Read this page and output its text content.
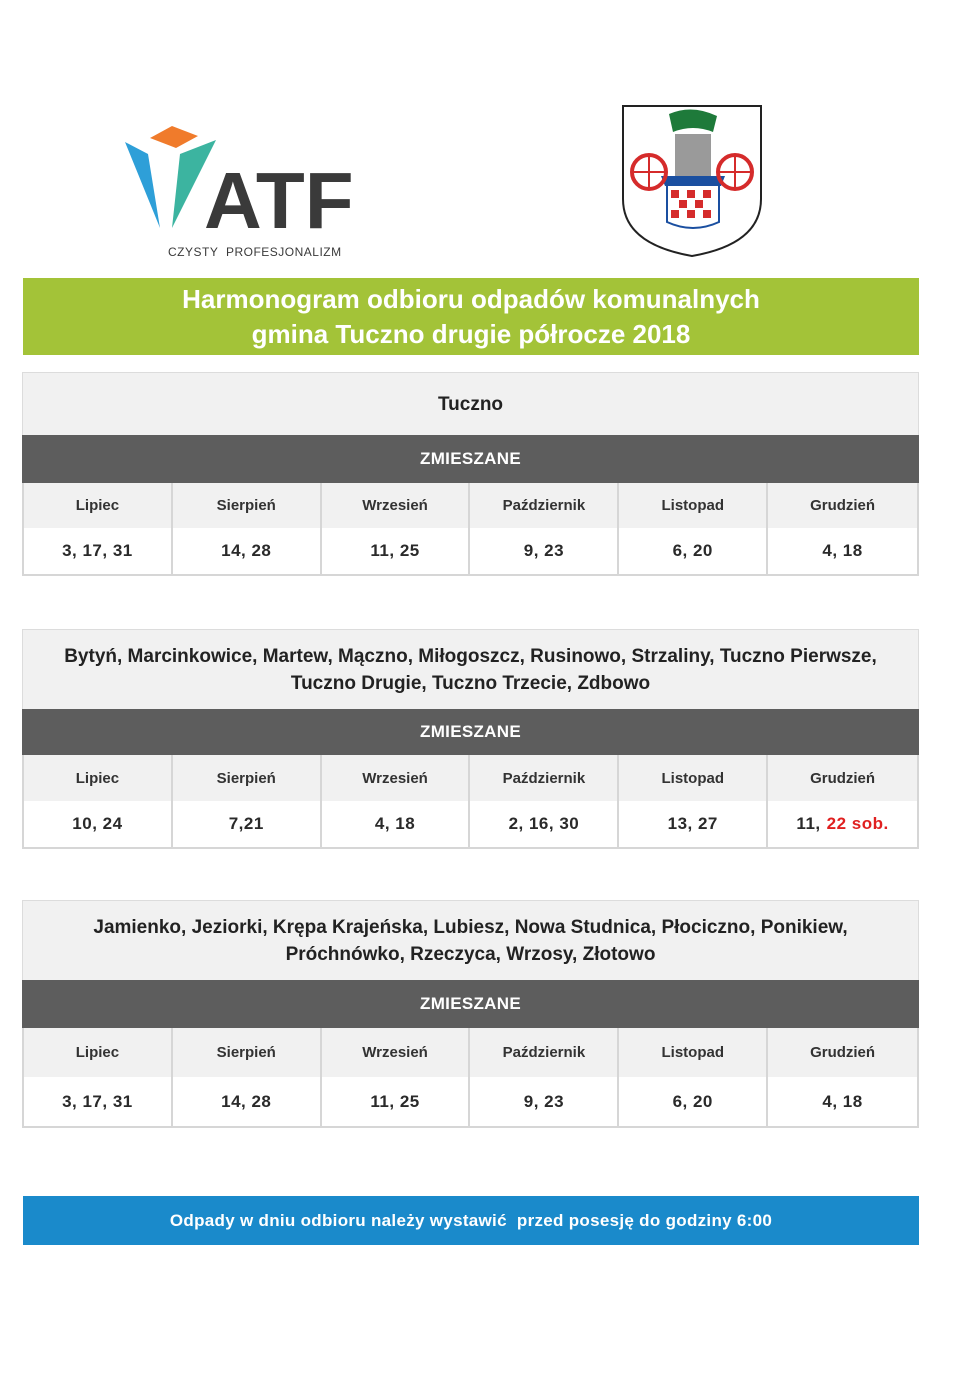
ATF
CZYSTY PROFESJONALIZM
Harmonogram odbioru odpadów komunalnych
gmina Tuczno drugie półrocze 2018
Tuczno
ZMIESZANE
Lipiec	Sierpień	Wrzesień	Październik	Listopad	Grudzień
3, 17, 31	14, 28	11, 25	9, 23	6, 20	4, 18
Bytyń, Marcinkowice, Martew, Mączno, Miłogoszcz, Rusinowo, Strzaliny, Tuczno Pierwsze, Tuczno Drugie, Tuczno Trzecie, Zdbowo
ZMIESZANE
Lipiec	Sierpień	Wrzesień	Październik	Listopad	Grudzień
10, 24	7,21	4, 18	2, 16, 30	13, 27	11, 22 sob.
Jamienko, Jeziorki, Krępa Krajeńska, Lubiesz, Nowa Studnica, Płociczno, Ponikiew, Próchnówko, Rzeczyca, Wrzosy, Złotowo
ZMIESZANE
Lipiec	Sierpień	Wrzesień	Październik	Listopad	Grudzień
3, 17, 31	14, 28	11, 25	9, 23	6, 20	4, 18
Odpady w dniu odbioru należy wystawić  przed posesję do godziny 6:00
